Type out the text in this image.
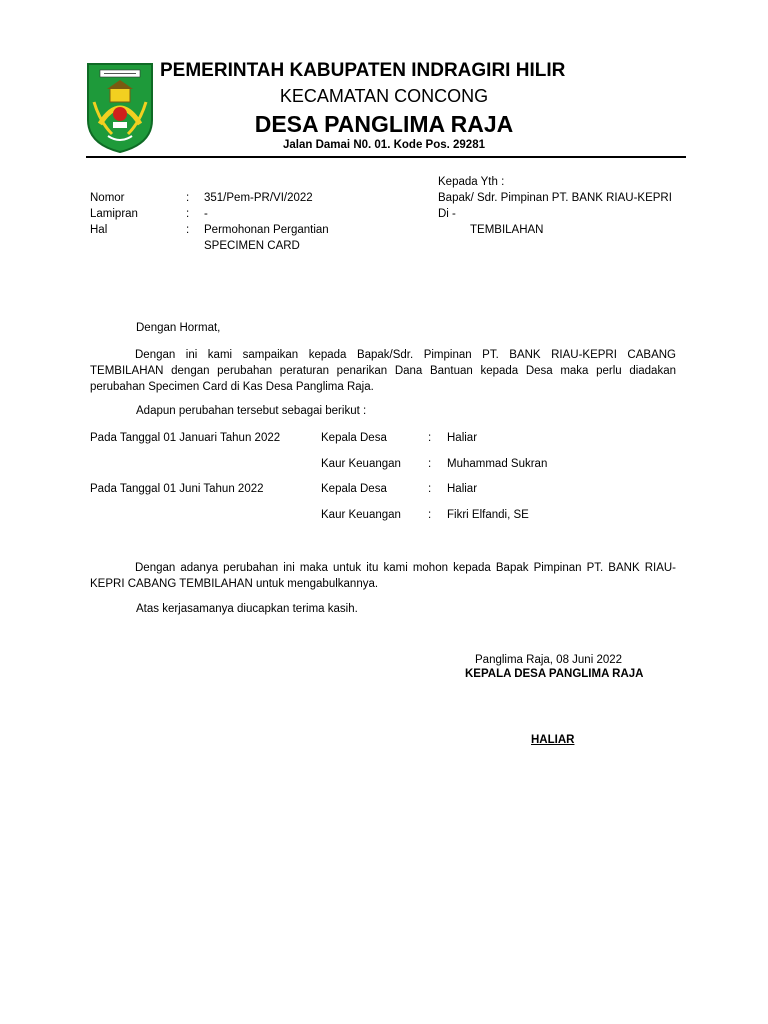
PEMERINTAH KABUPATEN INDRAGIRI HILIR
KECAMATAN CONCONG
DESA PANGLIMA RAJA
Jalan Damai N0. 01. Kode Pos. 29281
Kepada Yth :
Bapak/ Sdr. Pimpinan PT. BANK RIAU-KEPRI
Di -
TEMBILAHAN
Nomor	: 351/Pem-PR/VI/2022
Lamipran	: -
Hal	: Permohonan Pergantian
SPECIMEN CARD
Dengan Hormat,
Dengan ini kami sampaikan kepada Bapak/Sdr. Pimpinan PT. BANK RIAU-KEPRI CABANG TEMBILAHAN dengan perubahan peraturan penarikan Dana Bantuan kepada Desa maka perlu diadakan perubahan Specimen Card di Kas Desa Panglima Raja.
Adapun perubahan tersebut sebagai berikut :
Pada Tanggal 01 Januari Tahun 2022	Kepala Desa	: Haliar
Kaur Keuangan : Muhammad Sukran
Pada Tanggal 01 Juni Tahun 2022	Kepala Desa	: Haliar
Kaur Keuangan : Fikri Elfandi, SE
Dengan adanya perubahan ini maka untuk itu kami mohon kepada Bapak Pimpinan PT. BANK RIAU-KEPRI CABANG TEMBILAHAN untuk mengabulkannya.
Atas kerjasamanya diucapkan terima kasih.
Panglima Raja, 08 Juni 2022
KEPALA DESA PANGLIMA RAJA
HALIAR
